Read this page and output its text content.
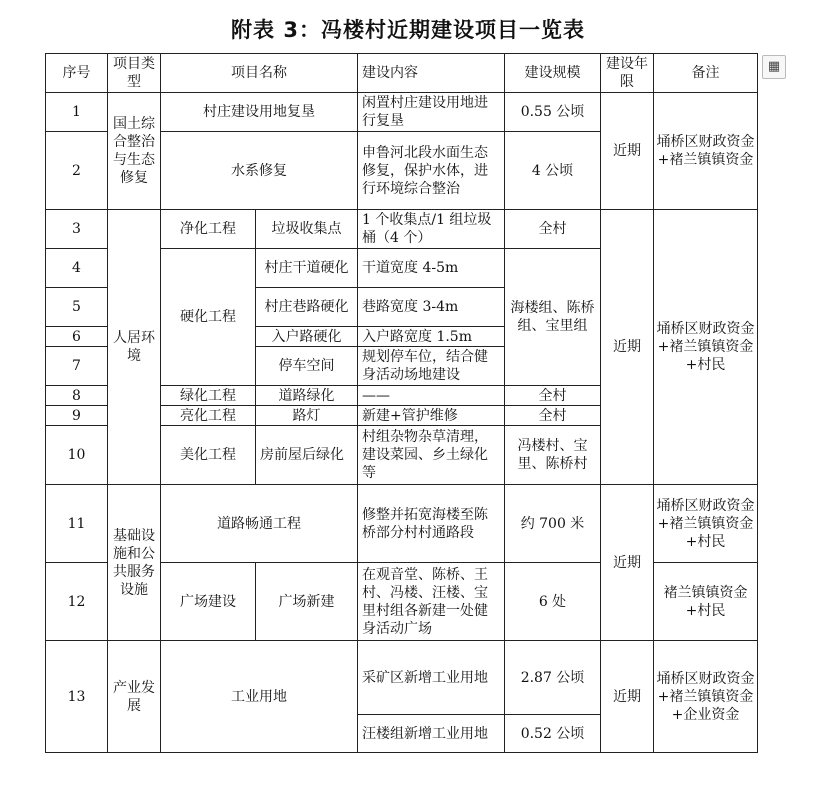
附表 3：冯楼村近期建设项目一览表
▦
序号	项目类型	项目名称		建设内容	建设规模	建设年限	备注
1	国土综合整治与生态修复	村庄建设用地复垦		闲置村庄建设用地进行复垦	0.55 公顷	近期	埇桥区财政资金+褚兰镇镇资金
2		水系修复		申鲁河北段水面生态修复，保护水体，进行环境综合整治	4 公顷		
3	人居环境	净化工程	垃圾收集点	1 个收集点/1 组垃圾桶（4 个）	全村	近期	埇桥区财政资金+褚兰镇镇资金+村民
4		硬化工程	村庄干道硬化	干道宽度 4-5m	海楼组、陈桥组、宝里组		
5			村庄巷路硬化	巷路宽度 3-4m			
6			入户路硬化	入户路宽度 1.5m			
7			停车空间	规划停车位，结合健身活动场地建设			
8		绿化工程	道路绿化	——	全村		
9		亮化工程	路灯	新建+管护维修	全村		
10		美化工程	房前屋后绿化	村组杂物杂草清理，建设菜园、乡土绿化等	冯楼村、宝里、陈桥村		
11	基础设施和公共服务设施	道路畅通工程		修整并拓宽海楼至陈桥部分村村通路段	约 700 米	近期	埇桥区财政资金+褚兰镇镇资金+村民
12		广场建设	广场新建	在观音堂、陈桥、王村、冯楼、汪楼、宝里村组各新建一处健身活动广场	6 处		褚兰镇镇资金+村民
13	产业发展	工业用地		采矿区新增工业用地	2.87 公顷	近期	埇桥区财政资金+褚兰镇镇资金+企业资金
				汪楼组新增工业用地	0.52 公顷		
